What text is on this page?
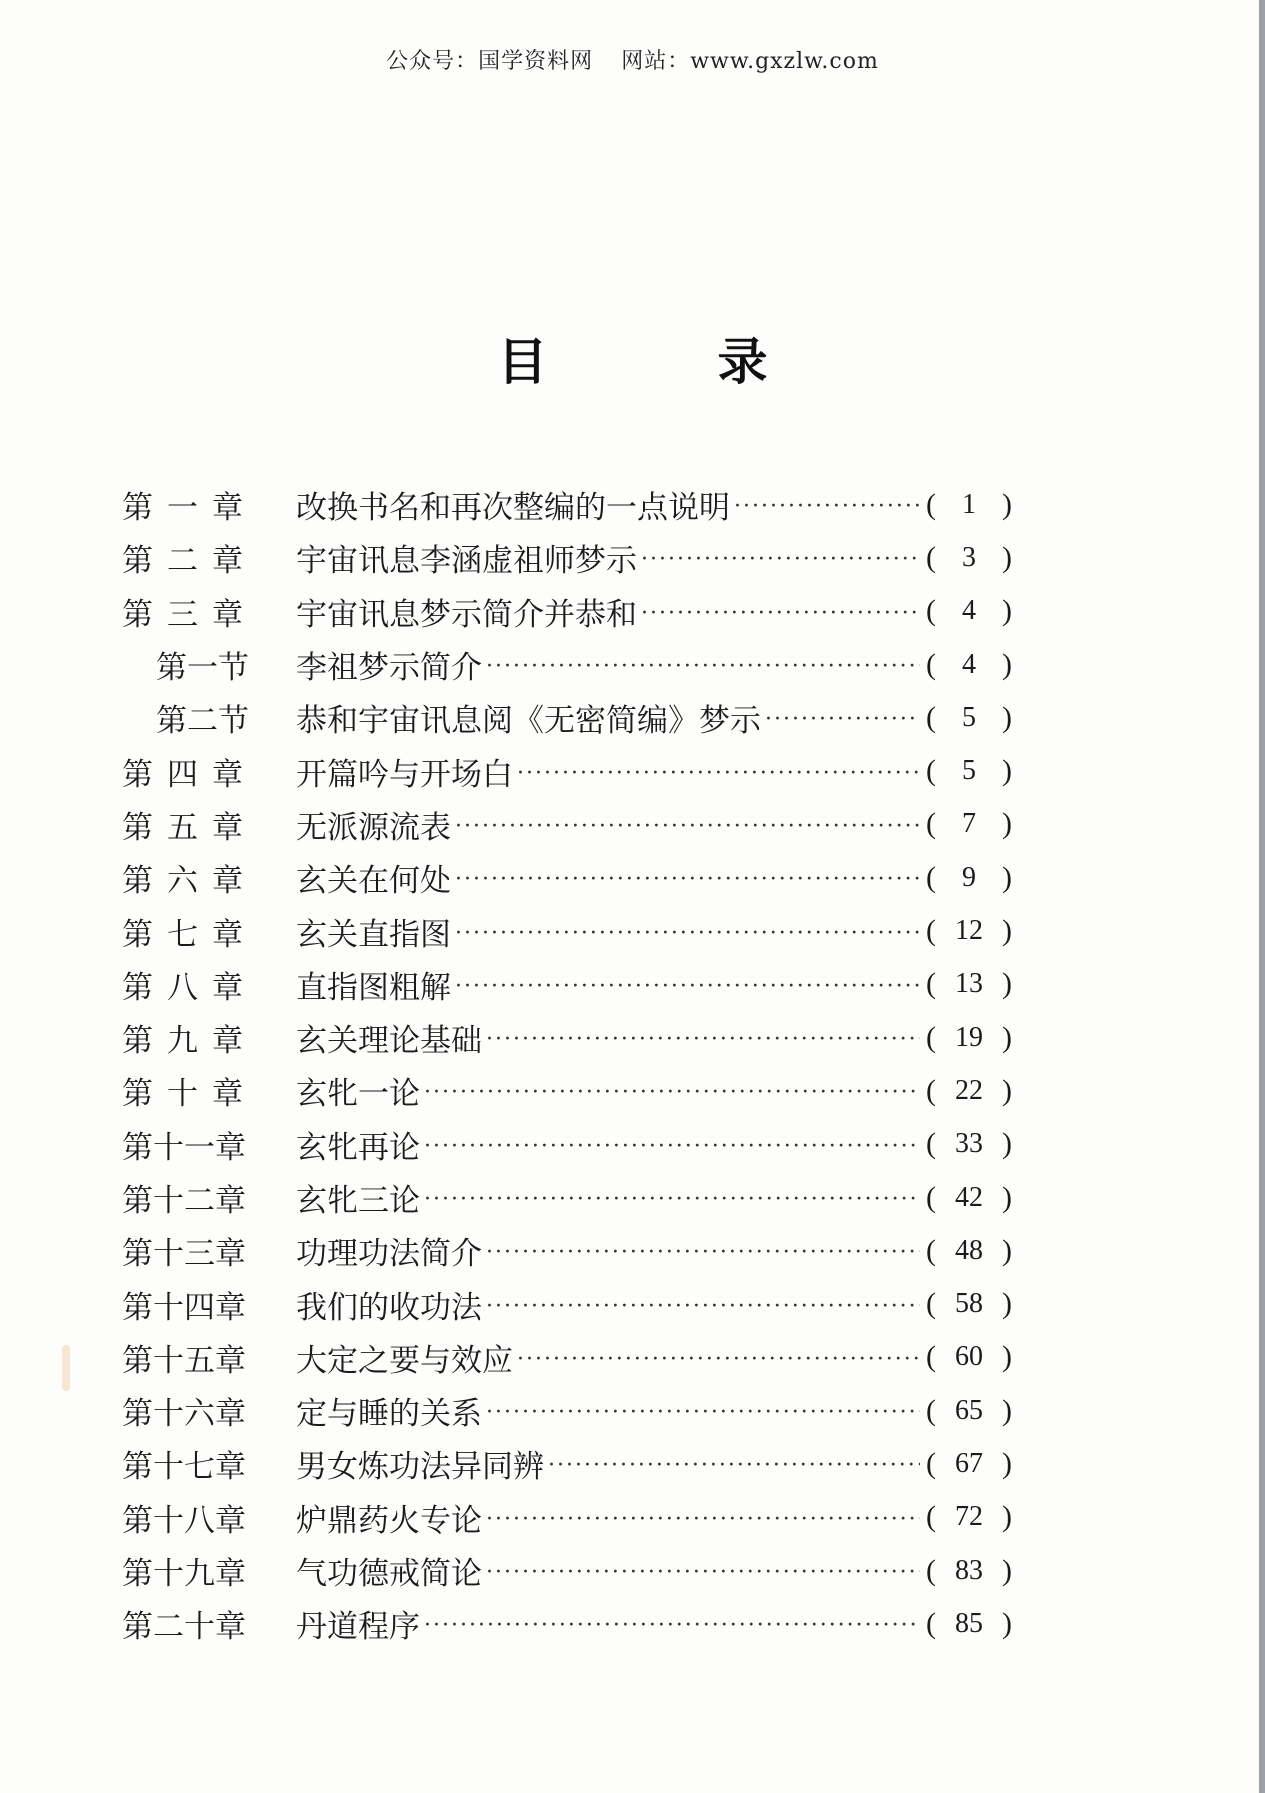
公众号：国学资料网 网站：www.gxzlw.com
目	录
第一章	改换书名和再次整编的一点说明 ·····	( 1 )
第二章	宇宙讯息李涵虚祖师梦示 ·····	( 3 )
第三章	宇宙讯息梦示简介并恭和 ·····	( 4 )
第一节	李祖梦示简介 ·····	( 4 )
第二节	恭和宇宙讯息阅《无密简编》梦示 ·····	( 5 )
第四章	开篇吟与开场白 ·····	( 5 )
第五章	无派源流表 ·····	( 7 )
第六章	玄关在何处 ·····	( 9 )
第七章	玄关直指图 ·····	( 12 )
第八章	直指图粗解 ·····	( 13 )
第九章	玄关理论基础 ·····	( 19 )
第十章	玄牝一论 ·····	( 22 )
第十一章	玄牝再论 ·····	( 33 )
第十二章	玄牝三论 ·····	( 42 )
第十三章	功理功法简介 ·····	( 48 )
第十四章	我们的收功法 ·····	( 58 )
第十五章	大定之要与效应 ·····	( 60 )
第十六章	定与睡的关系 ·····	( 65 )
第十七章	男女炼功法异同辨 ·····	( 67 )
第十八章	炉鼎药火专论 ·····	( 72 )
第十九章	气功德戒简论 ·····	( 83 )
第二十章	丹道程序 ·····	( 85 )
